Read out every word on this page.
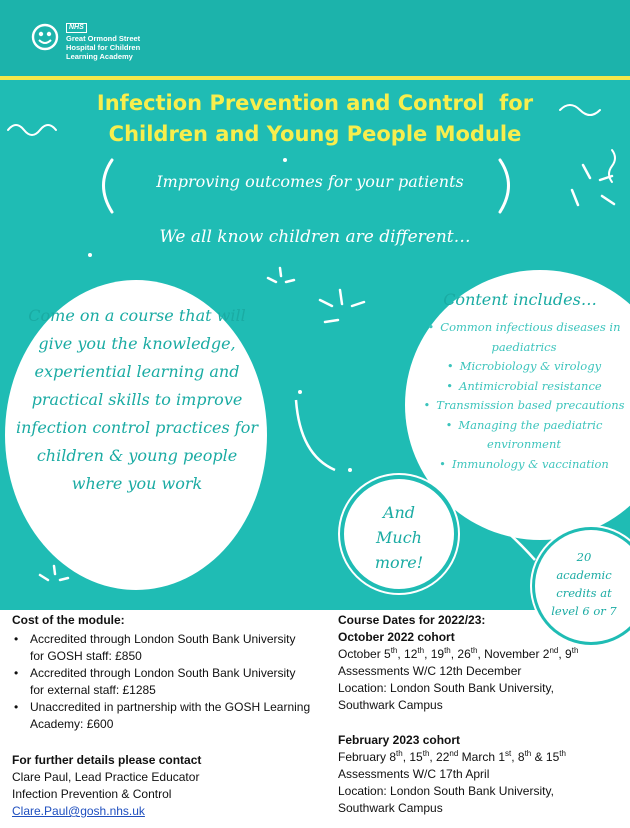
NHS
Great Ormond Street
Hospital for Children
Learning Academy
Infection Prevention and Control  for
Children and Young People Module
Improving outcomes for your patients
We all know children are different…
Come on a course that will give you the knowledge, experiential learning and practical skills to improve infection control practices for children & young people where you work
Content includes…
• Common infectious diseases in paediatrics
• Microbiology & virology
• Antimicrobial resistance
• Transmission based precautions
• Managing the paediatric environment
• Immunology & vaccination
And
Much
more!	20
academic
credits at
level 6 or 7
Cost of the module:
• Accredited through London South Bank University for GOSH staff: £850
• Accredited through London South Bank University for external staff: £1285
• Unaccredited in partnership with the GOSH Learning Academy: £600
For further details please contact
Clare Paul, Lead Practice Educator
Infection Prevention & Control
Clare.Paul@gosh.nhs.uk
Course Dates for 2022/23:
October 2022 cohort
October 5th, 12th, 19th, 26th, November 2nd, 9th
Assessments W/C 12th December
Location: London South Bank University,
Southwark Campus
February 2023 cohort
February 8th, 15th, 22nd March 1st, 8th & 15th
Assessments W/C 17th April
Location: London South Bank University,
Southwark Campus
